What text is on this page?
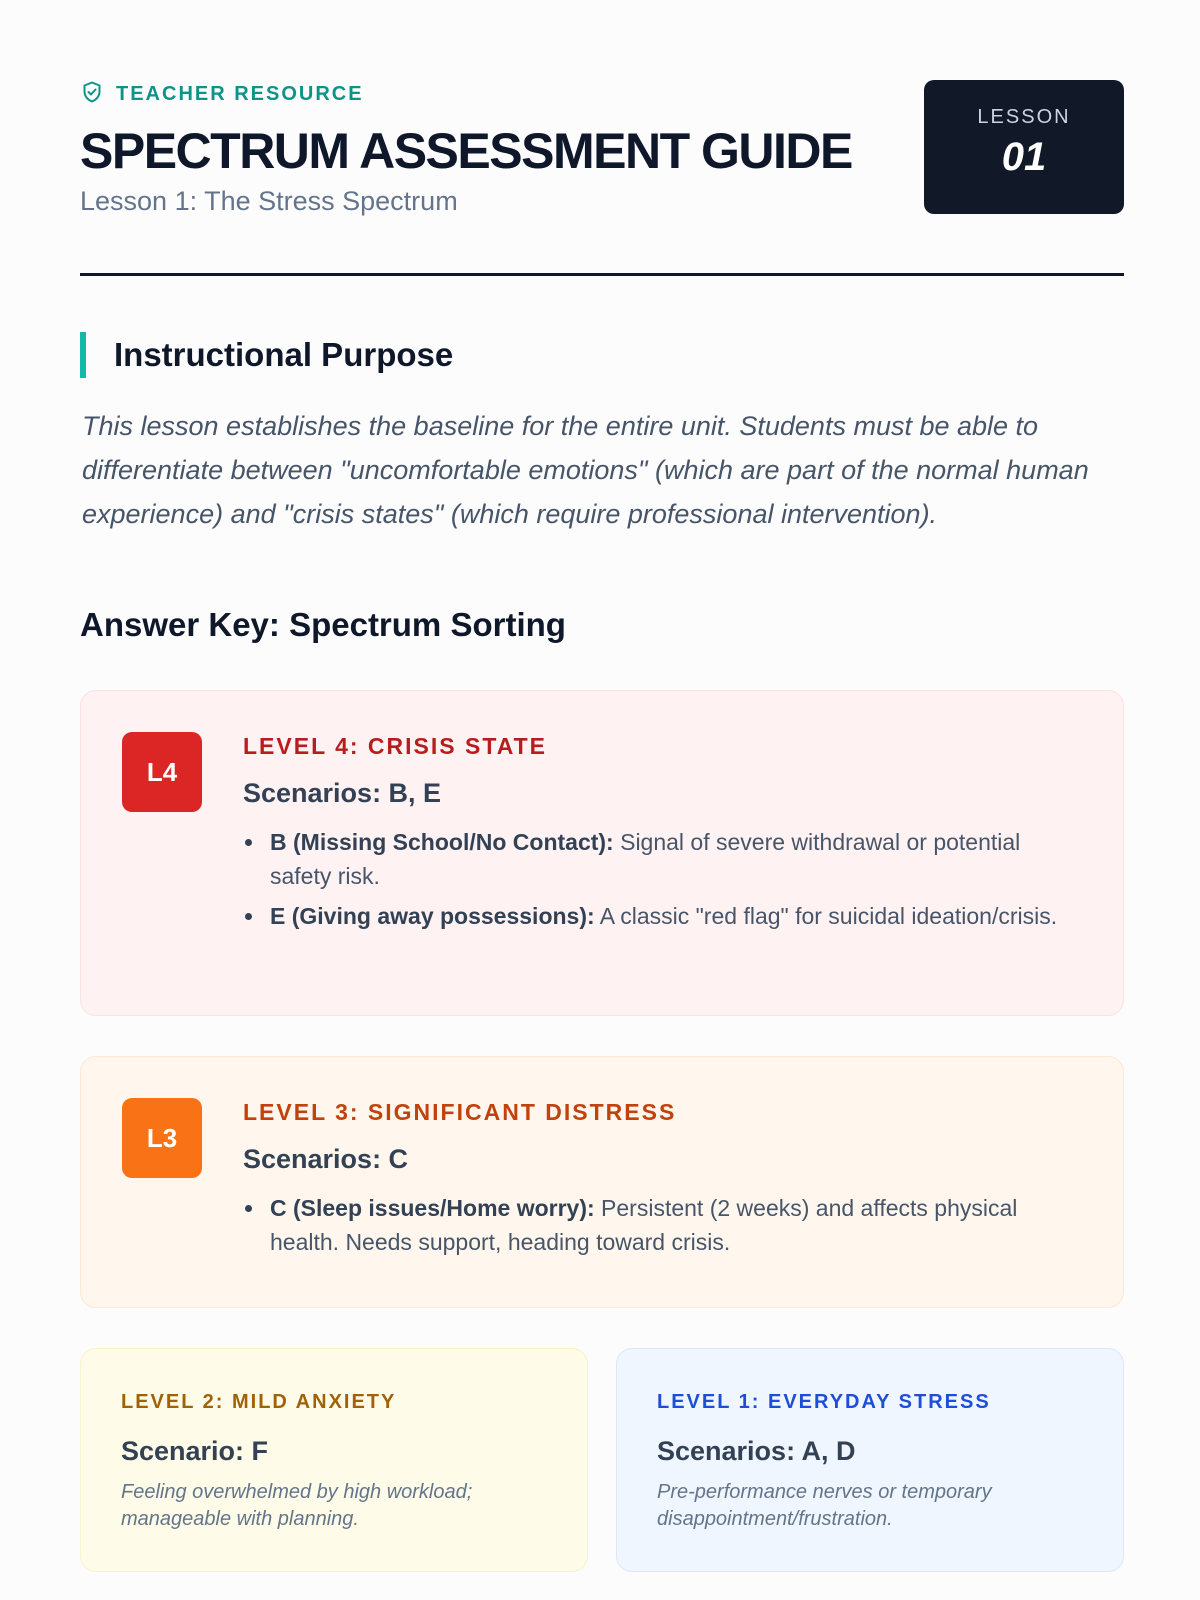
TEACHER RESOURCE
SPECTRUM ASSESSMENT GUIDE
Lesson 1: The Stress Spectrum
LESSON
01
Instructional Purpose

This lesson establishes the baseline for the entire unit. Students must be able to differentiate between "uncomfortable emotions" (which are part of the normal human experience) and "crisis states" (which require professional intervention).

Answer Key: Spectrum Sorting
L4
LEVEL 4: CRISIS STATE
Scenarios: B, E
B (Missing School/No Contact): Signal of severe withdrawal or potential safety risk.
E (Giving away possessions): A classic "red flag" for suicidal ideation/crisis.
L3
LEVEL 3: SIGNIFICANT DISTRESS
Scenarios: C
C (Sleep issues/Home worry): Persistent (2 weeks) and affects physical health. Needs support, heading toward crisis.
LEVEL 2: MILD ANXIETY
Scenario: F
Feeling overwhelmed by high workload; manageable with planning.
LEVEL 1: EVERYDAY STRESS
Scenarios: A, D
Pre-performance nerves or temporary disappointment/frustration.
